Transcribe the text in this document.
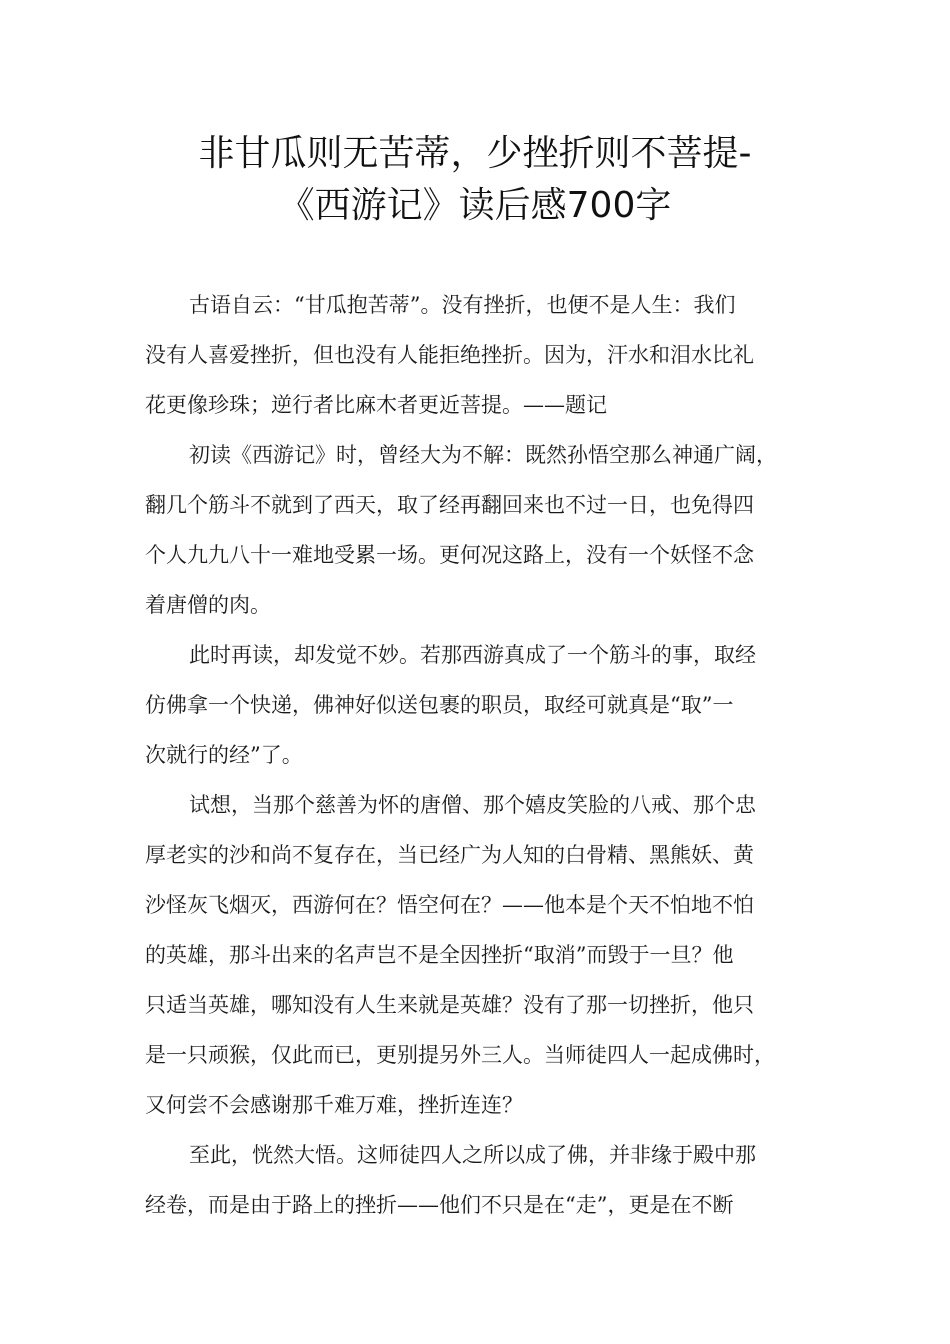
非甘瓜则无苦蒂，少挫折则不菩提-
《西游记》读后感700字
古语自云：“甘瓜抱苦蒂”。没有挫折，也便不是人生：我们
没有人喜爱挫折，但也没有人能拒绝挫折。因为，汗水和泪水比礼
花更像珍珠；逆行者比麻木者更近菩提。——题记
初读《西游记》时，曾经大为不解：既然孙悟空那么神通广阔，
翻几个筋斗不就到了西天，取了经再翻回来也不过一日，也免得四
个人九九八十一难地受累一场。更何况这路上，没有一个妖怪不念
着唐僧的肉。
此时再读，却发觉不妙。若那西游真成了一个筋斗的事，取经
仿佛拿一个快递，佛神好似送包裹的职员，取经可就真是“取”一
次就行的经”了。
试想，当那个慈善为怀的唐僧、那个嬉皮笑脸的八戒、那个忠
厚老实的沙和尚不复存在，当已经广为人知的白骨精、黑熊妖、黄
沙怪灰飞烟灭，西游何在？悟空何在？——他本是个天不怕地不怕
的英雄，那斗出来的名声岂不是全因挫折“取消”而毁于一旦？他
只适当英雄，哪知没有人生来就是英雄？没有了那一切挫折，他只
是一只顽猴，仅此而已，更别提另外三人。当师徒四人一起成佛时，
又何尝不会感谢那千难万难，挫折连连？
至此，恍然大悟。这师徒四人之所以成了佛，并非缘于殿中那
经卷，而是由于路上的挫折——他们不只是在“走”，更是在不断
